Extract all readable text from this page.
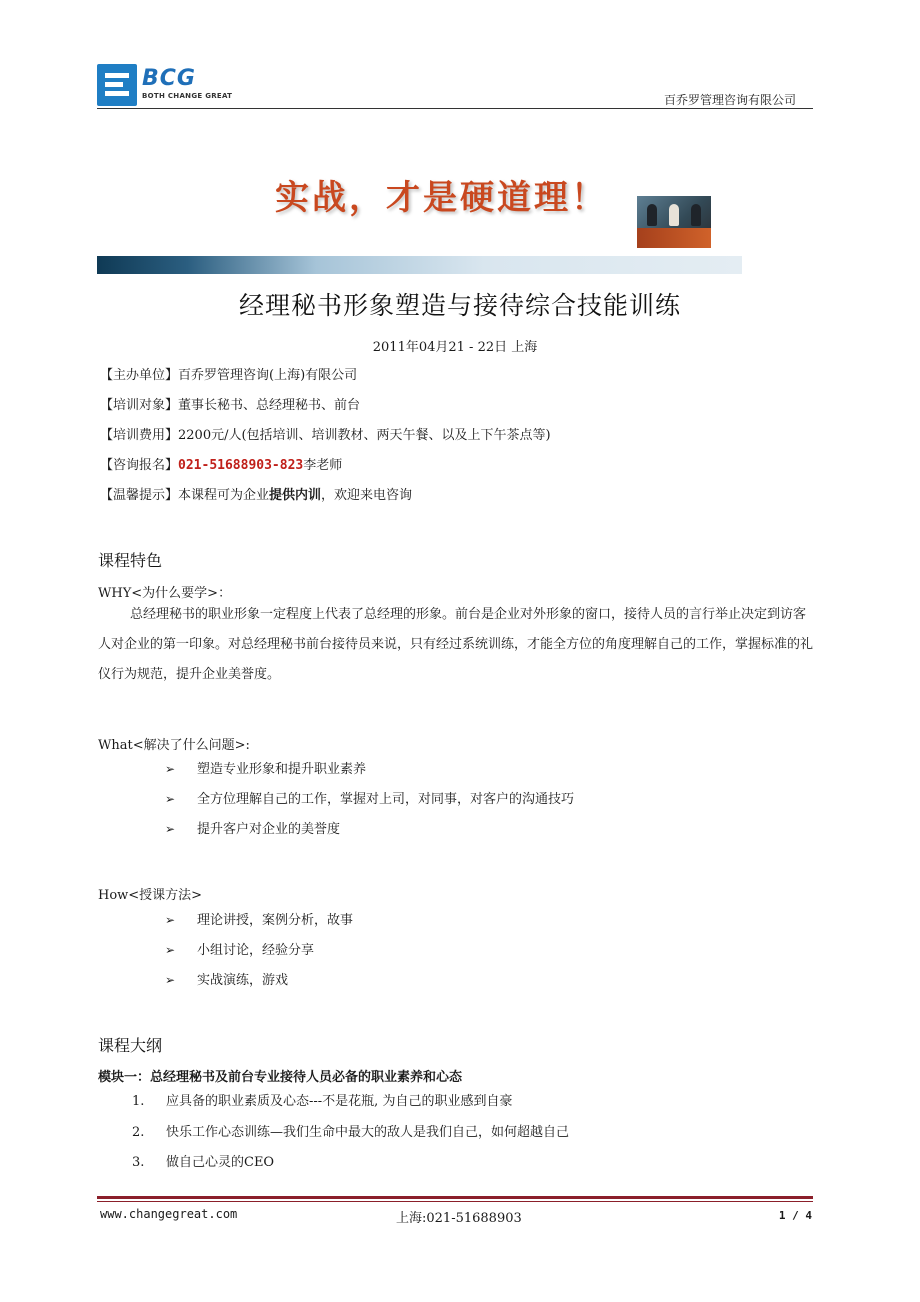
BCG
BOTH CHANGE GREAT	百乔罗管理咨询有限公司
实战，才是硬道理！
经理秘书形象塑造与接待综合技能训练
2011年04月21 - 22日 上海
【主办单位】百乔罗管理咨询(上海)有限公司
【培训对象】董事长秘书、总经理秘书、前台
【培训费用】2200元/人(包括培训、培训教材、两天午餐、以及上下午茶点等)
【咨询报名】021-51688903-823李老师
【温馨提示】本课程可为企业提供内训，欢迎来电咨询
课程特色
WHY<为什么要学>：
总经理秘书的职业形象一定程度上代表了总经理的形象。前台是企业对外形象的窗口，接待人员的言行举止决定到访客人对企业的第一印象。对总经理秘书前台接待员来说，只有经过系统训练，才能全方位的角度理解自己的工作，掌握标准的礼仪行为规范，提升企业美誉度。
What<解决了什么问题>:
➢ 塑造专业形象和提升职业素养
➢ 全方位理解自己的工作，掌握对上司，对同事，对客户的沟通技巧
➢ 提升客户对企业的美誉度
How<授课方法>
➢ 理论讲授，案例分析，故事
➢ 小组讨论，经验分享
➢ 实战演练，游戏
课程大纲
模块一：总经理秘书及前台专业接待人员必备的职业素养和心态
1. 应具备的职业素质及心态---不是花瓶, 为自己的职业感到自豪
2. 快乐工作心态训练—我们生命中最大的敌人是我们自己，如何超越自己
3. 做自己心灵的CEO
www.changegreat.com	上海:021-51688903	1 / 4
